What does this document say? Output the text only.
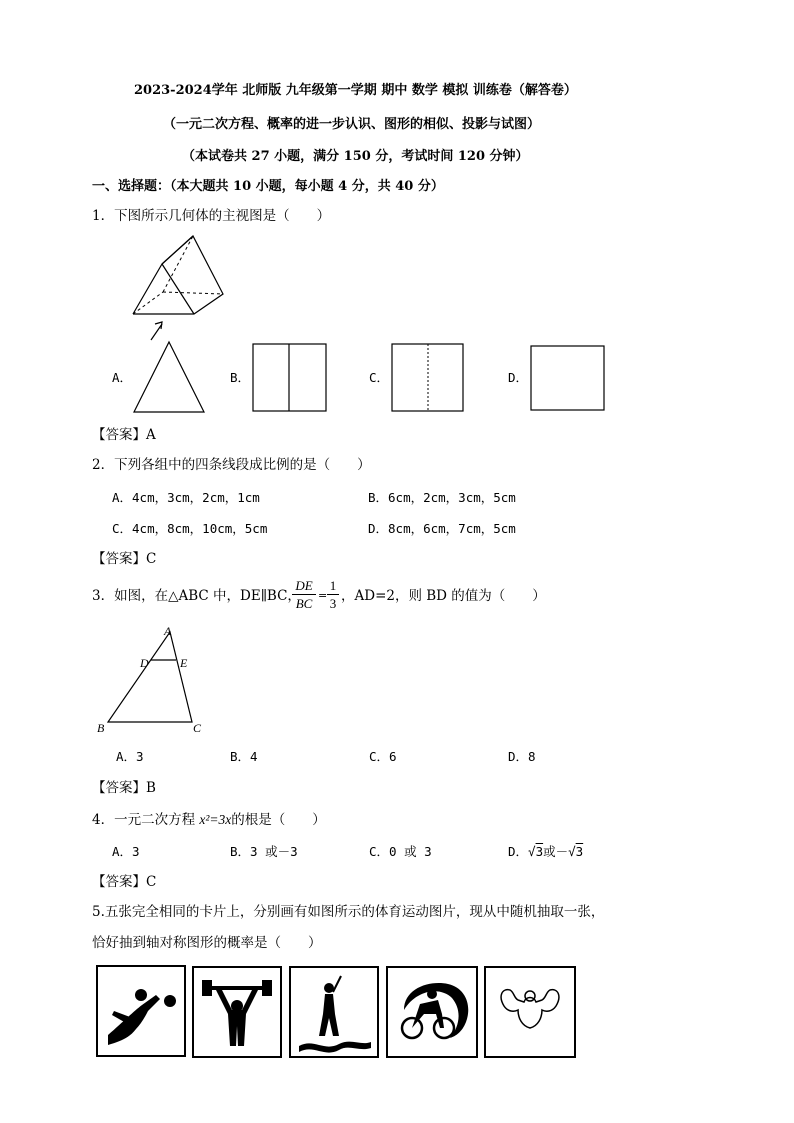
2023-2024学年 北师版 九年级第一学期 期中 数学 模拟 训练卷（解答卷）
（一元二次方程、概率的进一步认识、图形的相似、投影与试图）
（本试卷共 27 小题，满分 150 分，考试时间 120 分钟）
一、选择题：（本大题共 10 小题，每小题 4 分，共 40 分）
1．下图所示几何体的主视图是（　　）
A．	B．	C．	D．
【答案】A
2．下列各组中的四条线段成比例的是（　　）
A．4cm，3cm，2cm，1cm	B．6cm，2cm，3cm，5cm
C．4cm，8cm，10cm，5cm	D．8cm，6cm，7cm，5cm
【答案】C
3．如图，在△ABC 中，DE∥BC，
DE
BC
=
1
3 ，AD=2，则 BD 的值为（　　）
A
D	E
B	C
A．3	B．4	C．6	D．8
【答案】B
4．一元二次方程 x²=3x的根是（　　）
A．3	B．3 或－3	C．0 或 3	D．√3或－√3
【答案】C
5.五张完全相同的卡片上，分别画有如图所示的体育运动图片，现从中随机抽取一张，
恰好抽到轴对称图形的概率是（　　）
